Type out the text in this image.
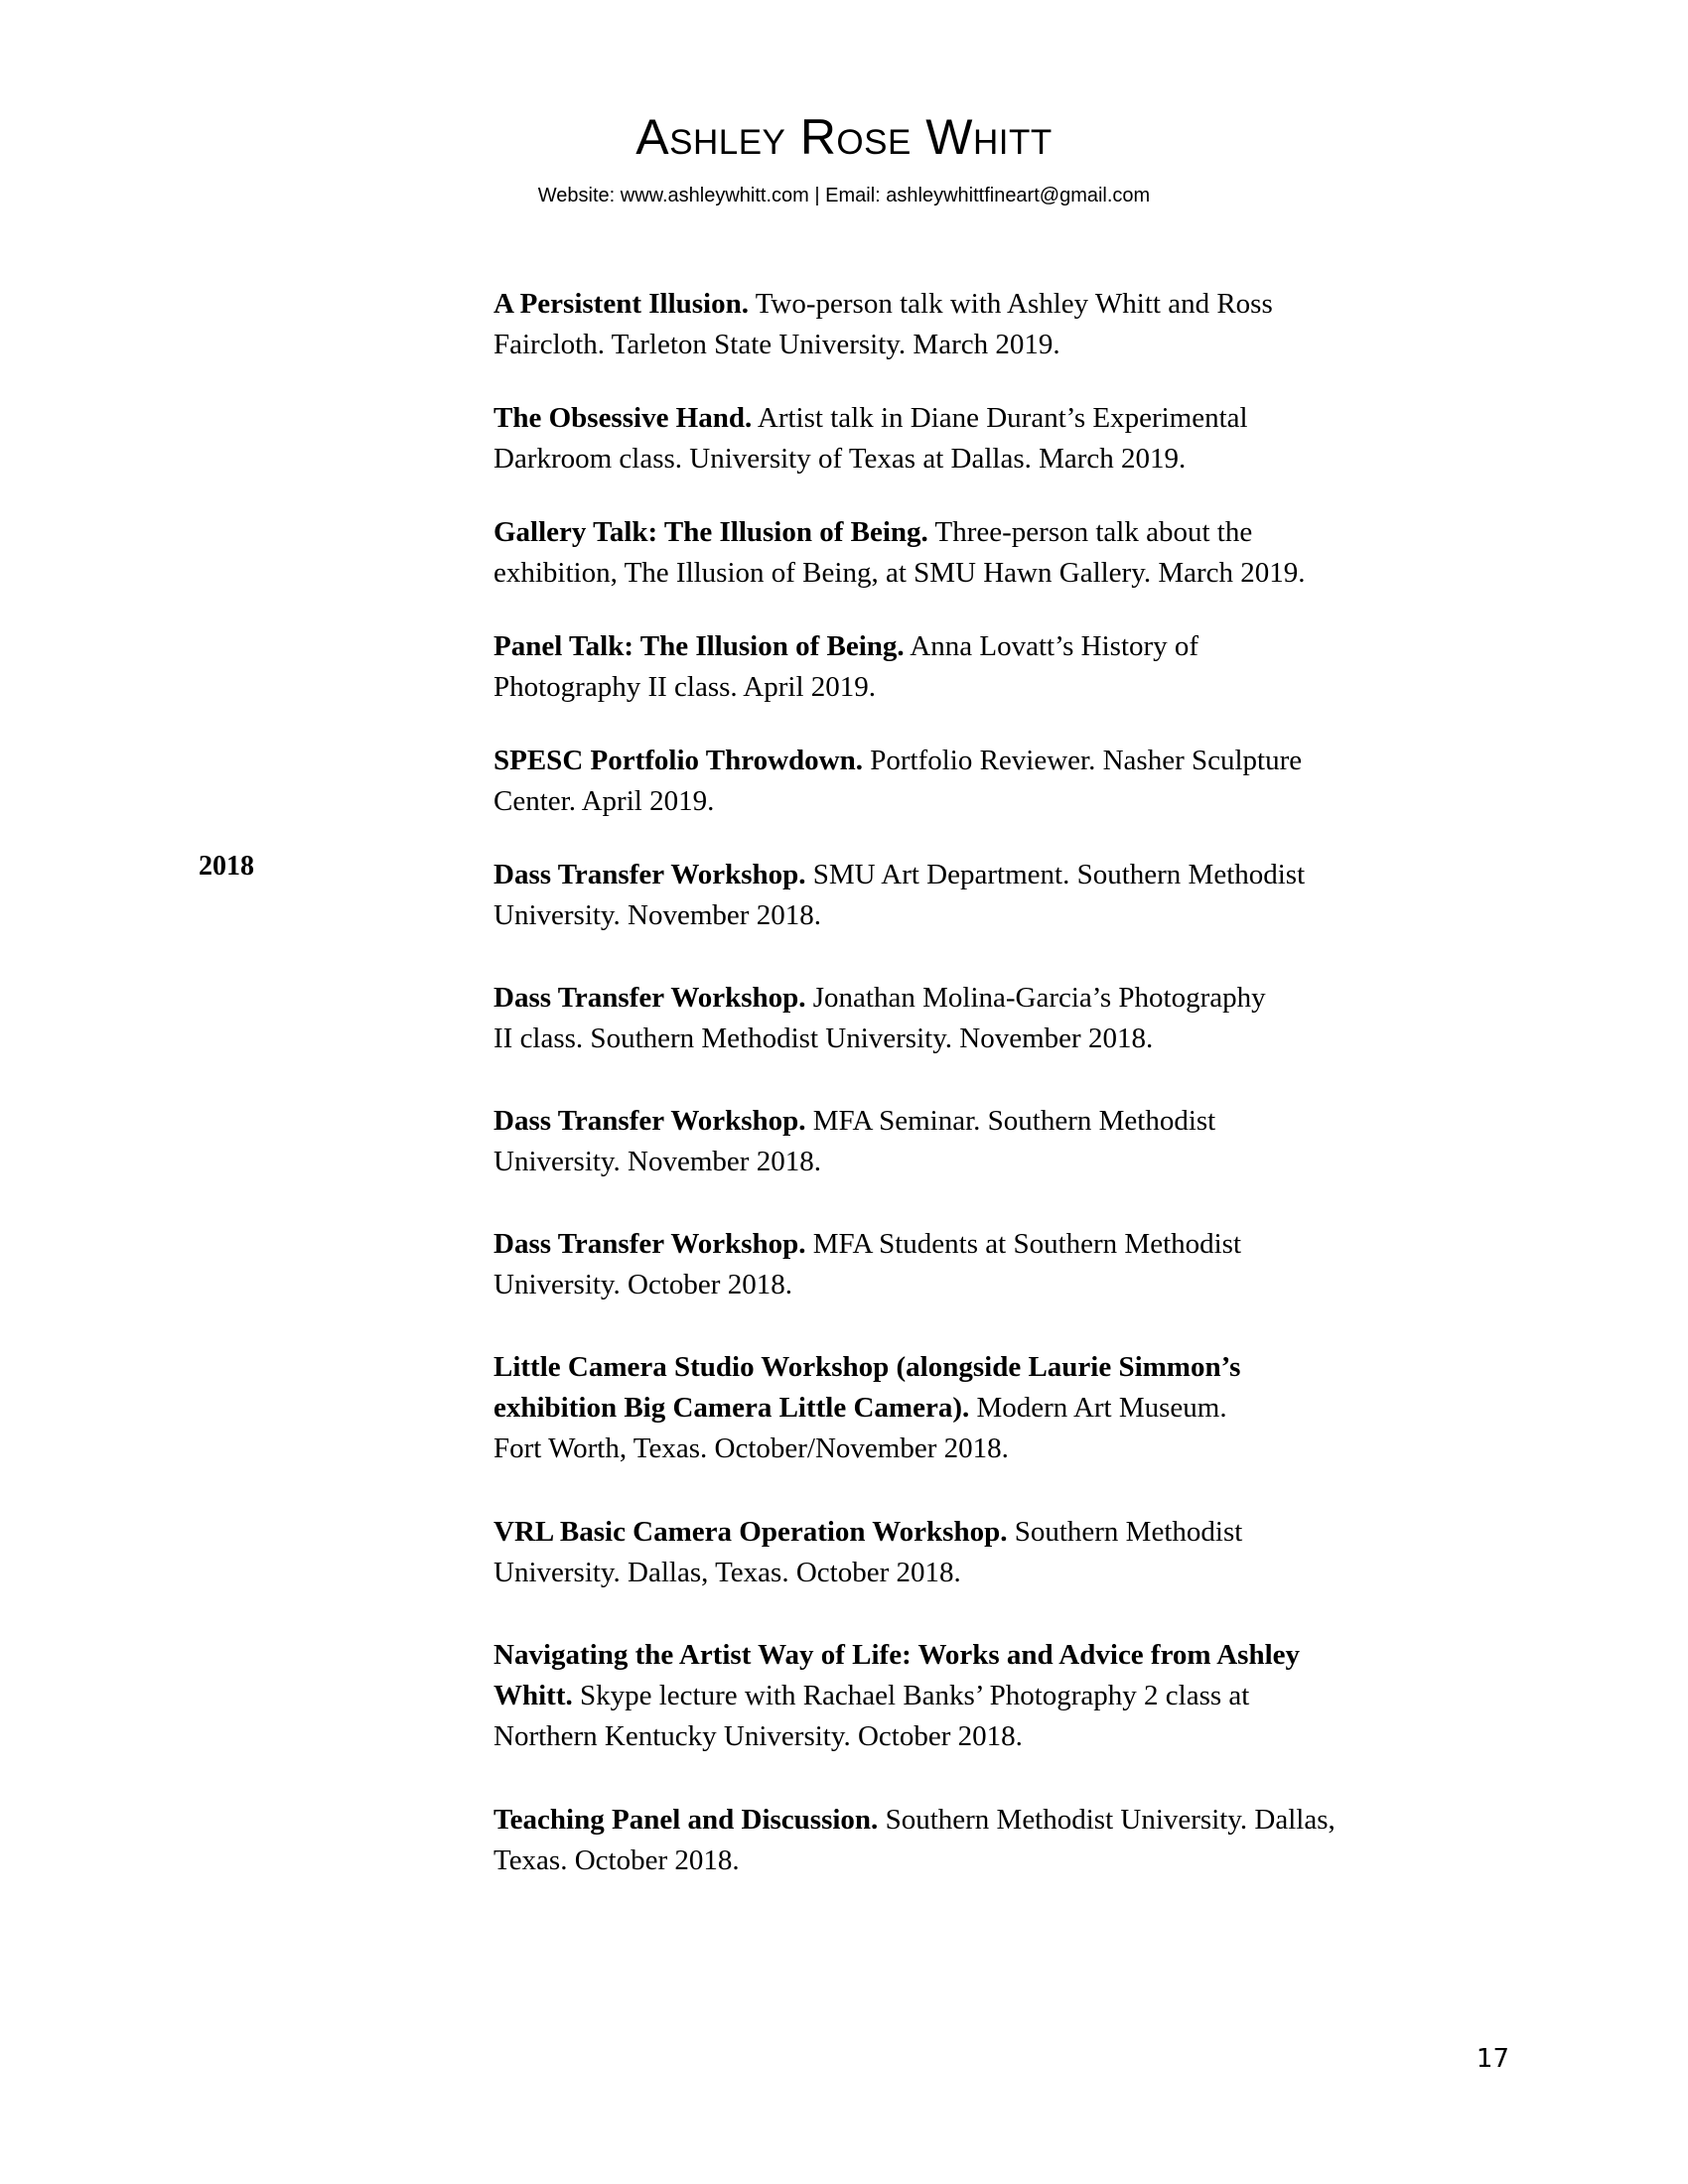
Ashley Rose Whitt
Website: www.ashleywhitt.com | Email: ashleywhittfineart@gmail.com
2018
A Persistent Illusion. Two-person talk with Ashley Whitt and Ross
Faircloth. Tarleton State University. March 2019.
The Obsessive Hand. Artist talk in Diane Durant’s Experimental
Darkroom class. University of Texas at Dallas. March 2019.
Gallery Talk: The Illusion of Being. Three-person talk about the
exhibition, The Illusion of Being, at SMU Hawn Gallery. March 2019.
Panel Talk: The Illusion of Being. Anna Lovatt’s History of
Photography II class. April 2019.
SPESC Portfolio Throwdown. Portfolio Reviewer. Nasher Sculpture
Center. April 2019.
Dass Transfer Workshop. SMU Art Department. Southern Methodist
University. November 2018.
Dass Transfer Workshop. Jonathan Molina-Garcia’s Photography
II class. Southern Methodist University. November 2018.
Dass Transfer Workshop. MFA Seminar. Southern Methodist
University. November 2018.
Dass Transfer Workshop. MFA Students at Southern Methodist
University. October 2018.
Little Camera Studio Workshop (alongside Laurie Simmon’s
exhibition Big Camera Little Camera). Modern Art Museum.
Fort Worth, Texas. October/November 2018.
VRL Basic Camera Operation Workshop. Southern Methodist
University. Dallas, Texas. October 2018.
Navigating the Artist Way of Life: Works and Advice from Ashley
Whitt. Skype lecture with Rachael Banks’ Photography 2 class at
Northern Kentucky University. October 2018.
Teaching Panel and Discussion. Southern Methodist University. Dallas,
Texas. October 2018.
17
